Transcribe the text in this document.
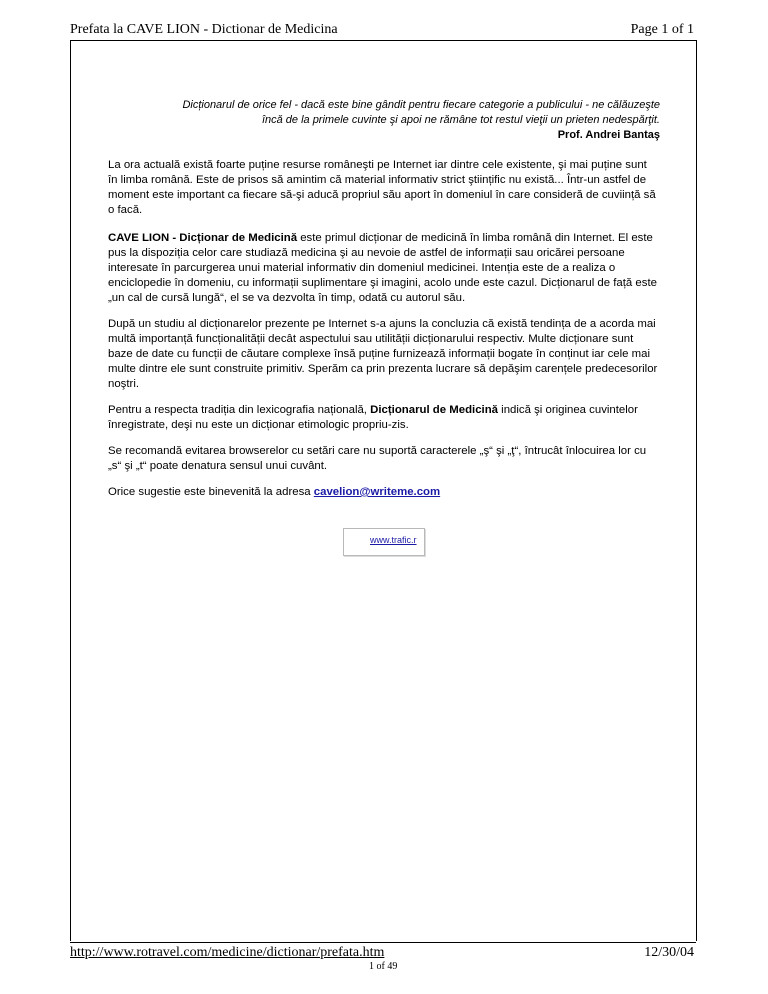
Prefata la CAVE LION - Dictionar de Medicina	Page 1 of 1
Dicționarul de orice fel - dacă este bine gândit pentru fiecare categorie a publicului - ne călăuzeşte
încă de la primele cuvinte şi apoi ne rămâne tot restul vieţii un prieten nedespărţit.
Prof. Andrei Bantaş

La ora actuală există foarte puține resurse româneşti pe Internet iar dintre cele existente, şi mai puține sunt în limba română. Este de prisos să amintim că material informativ strict ştiințific nu există... Într-un astfel de moment este important ca fiecare să-şi aducă propriul său aport în domeniul în care consideră de cuviință să o facă.

CAVE LION - Dicționar de Medicină este primul dicționar de medicină în limba română din Internet. El este pus la dispoziția celor care studiază medicina şi au nevoie de astfel de informații sau oricărei persoane interesate în parcurgerea unui material informativ din domeniul medicinei. Intenția este de a realiza o enciclopedie în domeniu, cu informații suplimentare şi imagini, acolo unde este cazul. Dicționarul de față este „un cal de cursă lungă“, el se va dezvolta în timp, odată cu autorul său.

După un studiu al dicționarelor prezente pe Internet s-a ajuns la concluzia că există tendința de a acorda mai multă importanță funcționalității decât aspectului sau utilității dicționarului respectiv. Multe dicționare sunt baze de date cu funcții de căutare complexe însă puține furnizează informații bogate în conținut iar cele mai multe dintre ele sunt construite primitiv. Sperăm ca prin prezenta lucrare să depăşim carențele predecesorilor noştri.

Pentru a respecta tradiția din lexicografia națională, Dicționarul de Medicină indică şi originea cuvintelor înregistrate, deşi nu este un dicționar etimologic propriu-zis.

Se recomandă evitarea browserelor cu setări care nu suportă caracterele „ş“ şi „ţ“, întrucât înlocuirea lor cu „s“ şi „t“ poate denatura sensul unui cuvânt.

Orice sugestie este binevenită la adresa cavelion@writeme.com

www.trafic.r
http://www.rotravel.com/medicine/dictionar/prefata.htm	12/30/04
1 of 49
